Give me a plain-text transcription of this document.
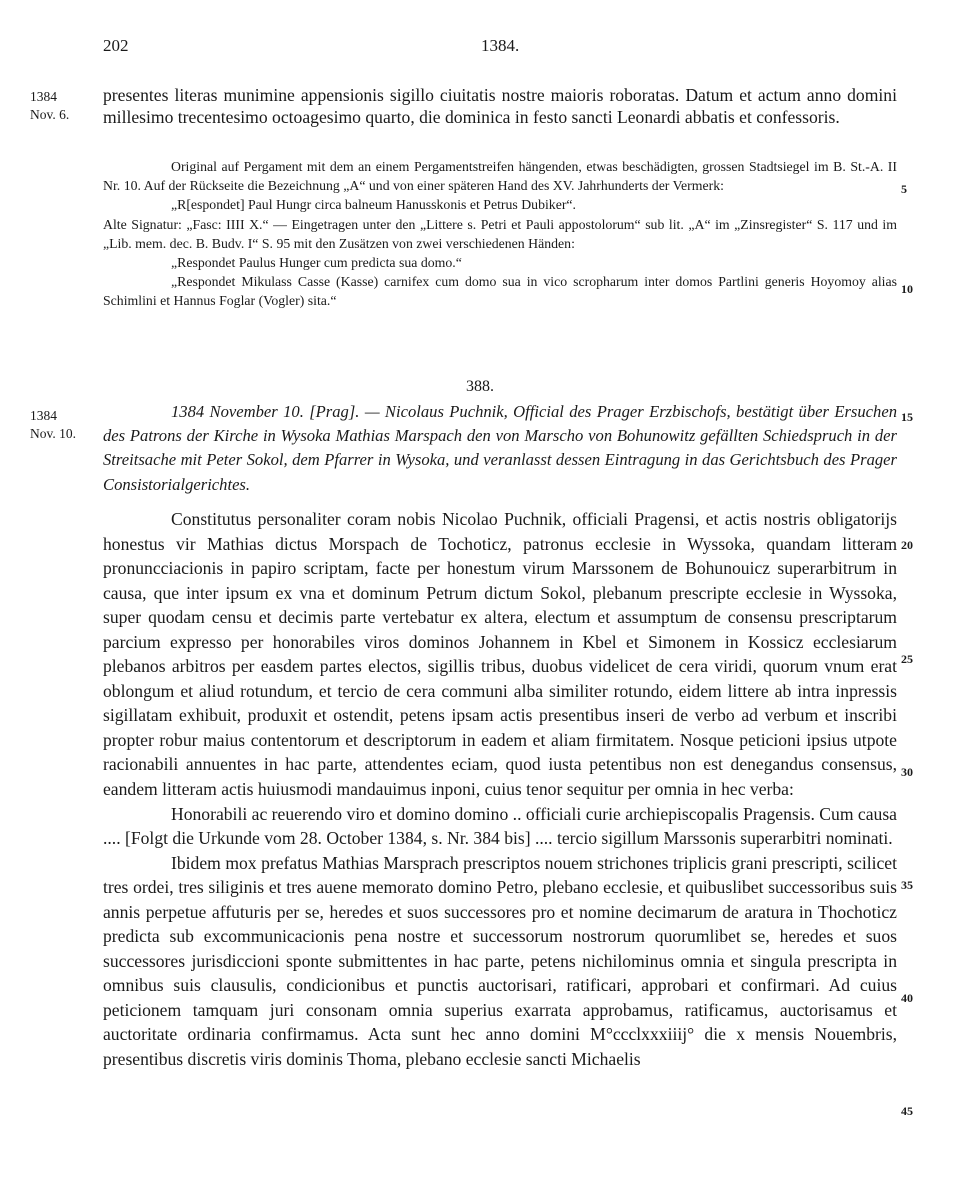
202	1384.
1384
Nov. 6.
1384
Nov. 10.

presentes literas munimine appensionis sigillo ciuitatis nostre maioris roboratas. Datum et actum anno domini millesimo trecentesimo octoagesimo quarto, die dominica in festo sancti Leonardi abbatis et confessoris.

Original auf Pergament mit dem an einem Pergamentstreifen hängenden, etwas beschädigten, grossen Stadtsiegel im B. St.-A. II Nr. 10. Auf der Rückseite die Bezeichnung „A“ und von einer späteren Hand des XV. Jahrhunderts der Vermerk:

„R[espondet] Paul Hungr circa balneum Hanusskonis et Petrus Dubiker“.

Alte Signatur: „Fasc: IIII X.“ — Eingetragen unter den „Littere s. Petri et Pauli appostolorum“ sub lit. „A“ im „Zinsregister“ S. 117 und im „Lib. mem. dec. B. Budv. I“ S. 95 mit den Zusätzen von zwei verschiedenen Händen:

„Respondet Paulus Hunger cum predicta sua domo.“

„Respondet Mikulass Casse (Kasse) carnifex cum domo sua in vico scropharum inter domos Partlini generis Hoyomoy alias Schimlini et Hannus Foglar (Vogler) sita.“

388.

1384 November 10. [Prag]. — Nicolaus Puchnik, Official des Prager Erzbischofs, bestätigt über Ersuchen des Patrons der Kirche in Wysoka Mathias Marspach den von Marscho von Bohunowitz gefällten Schiedspruch in der Streitsache mit Peter Sokol, dem Pfarrer in Wysoka, und veranlasst dessen Eintragung in das Gerichtsbuch des Prager Consistorialgerichtes.

Constitutus personaliter coram nobis Nicolao Puchnik, officiali Pragensi, et actis nostris obligatorijs honestus vir Mathias dictus Morspach de Tochoticz, patronus ecclesie in Wyssoka, quandam litteram pronuncciacionis in papiro scriptam, facte per honestum virum Marssonem de Bohunouicz superarbitrum in causa, que inter ipsum ex vna et dominum Petrum dictum Sokol, plebanum prescripte ecclesie in Wyssoka, super quodam censu et decimis parte vertebatur ex altera, electum et assumptum de consensu prescriptarum parcium expresso per honorabiles viros dominos Johannem in Kbel et Simonem in Kossicz ecclesiarum plebanos arbitros per easdem partes electos, sigillis tribus, duobus videlicet de cera viridi, quorum vnum erat oblongum et aliud rotundum, et tercio de cera communi alba similiter rotundo, eidem littere ab intra inpressis sigillatam exhibuit, produxit et ostendit, petens ipsam actis presentibus inseri de verbo ad verbum et inscribi propter robur maius contentorum et descriptorum in eadem et aliam firmitatem. Nosque peticioni ipsius utpote racionabili annuentes in hac parte, attendentes eciam, quod iusta petentibus non est denegandus consensus, eandem litteram actis huiusmodi mandauimus inponi, cuius tenor sequitur per omnia in hec verba:

Honorabili ac reuerendo viro et domino domino .. officiali curie archiepiscopalis Pragensis. Cum causa .... [Folgt die Urkunde vom 28. October 1384, s. Nr. 384 bis] .... tercio sigillum Marssonis superarbitri nominati.

Ibidem mox prefatus Mathias Marsprach prescriptos nouem strichones triplicis grani prescripti, scilicet tres ordei, tres siliginis et tres auene memorato domino Petro, plebano ecclesie, et quibuslibet successoribus suis annis perpetue affuturis per se, heredes et suos successores pro et nomine decimarum de aratura in Thochoticz predicta sub excommunicacionis pena nostre et successorum nostrorum quorumlibet se, heredes et suos successores jurisdiccioni sponte submittentes in hac parte, petens nichilominus omnia et singula prescripta in omnibus suis clausulis, condicionibus et punctis auctorisari, ratificari, approbari et confirmari. Ad cuius peticionem tamquam juri consonam omnia superius exarrata approbamus, ratificamus, auctorisamus et auctoritate ordinaria confirmamus. Acta sunt hec anno domini M°ccclxxxiiij° die x mensis Nouembris, presentibus discretis viris dominis Thoma, plebano ecclesie sancti Michaelis

5
10
15
20
25
30
35
40
45
